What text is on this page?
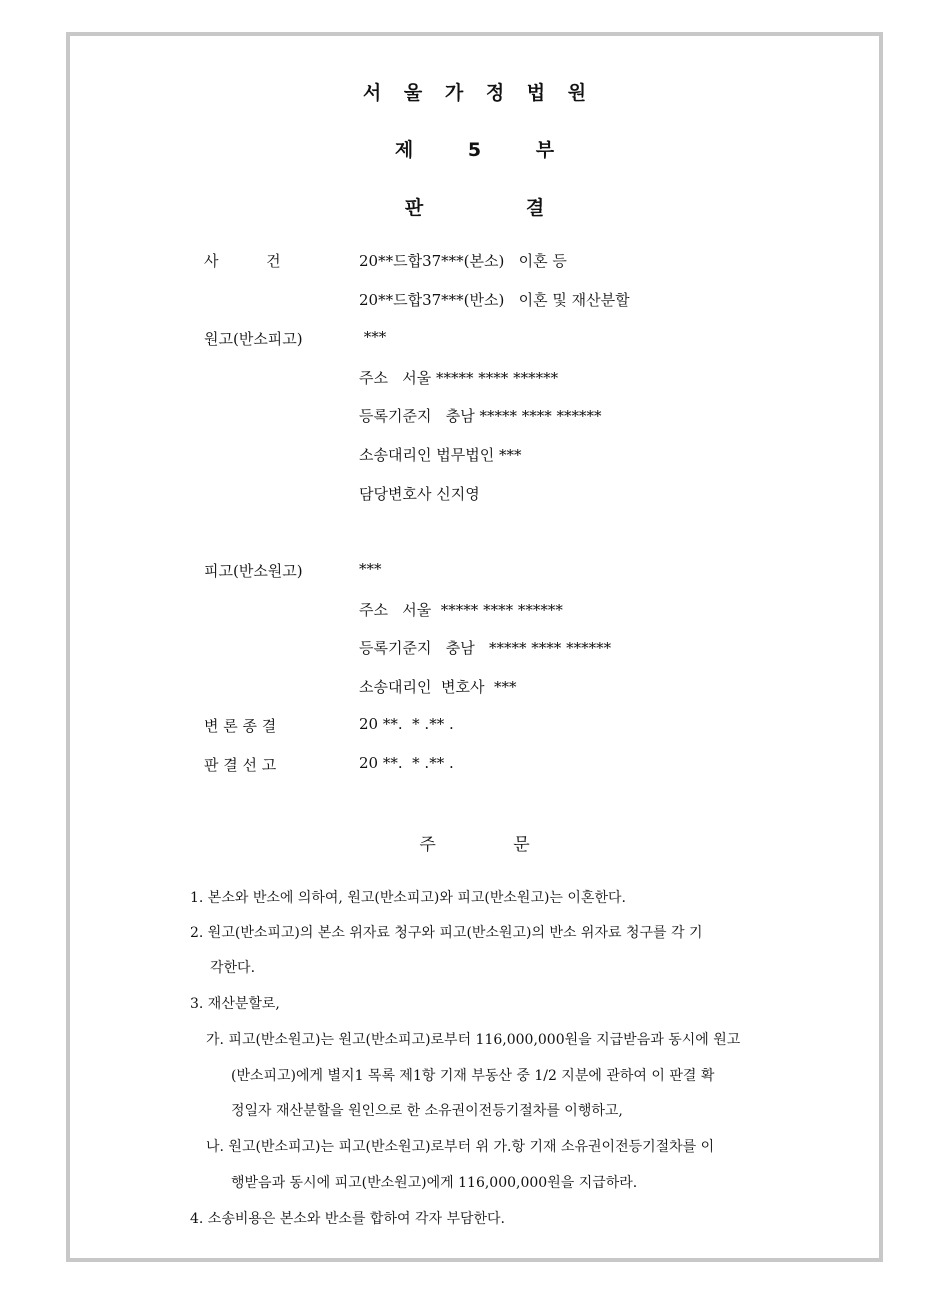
서 울 가 정 법 원
제	5	부
판	결
사          건	20**드합37***(본소)   이혼 등
20**드합37***(반소)   이혼 및 재산분할
원고(반소피고)	***
주소   서울 ***** **** ******
등록기준지   충남 ***** **** ******
소송대리인 법무법인 ***
담당변호사 신지영
피고(반소원고)	***
주소   서울  ***** **** ******
등록기준지   충남   ***** **** ******
소송대리인  변호사  ***
변 론 종 결	20 **.  * .** .
판 결 선 고	20 **.  * .** .
주	문
1. 본소와 반소에 의하여, 원고(반소피고)와 피고(반소원고)는 이혼한다.
2. 원고(반소피고)의 본소 위자료 청구와 피고(반소원고)의 반소 위자료 청구를 각 기
각한다.
3. 재산분할로,
가. 피고(반소원고)는 원고(반소피고)로부터 116,000,000원을 지급받음과 동시에 원고
(반소피고)에게 별지1 목록 제1항 기재 부동산 중 1/2 지분에 관하여 이 판결 확
정일자 재산분할을 원인으로 한 소유권이전등기절차를 이행하고,
나. 원고(반소피고)는 피고(반소원고)로부터 위 가.항 기재 소유권이전등기절차를 이
행받음과 동시에 피고(반소원고)에게 116,000,000원을 지급하라.
4. 소송비용은 본소와 반소를 합하여 각자 부담한다.
